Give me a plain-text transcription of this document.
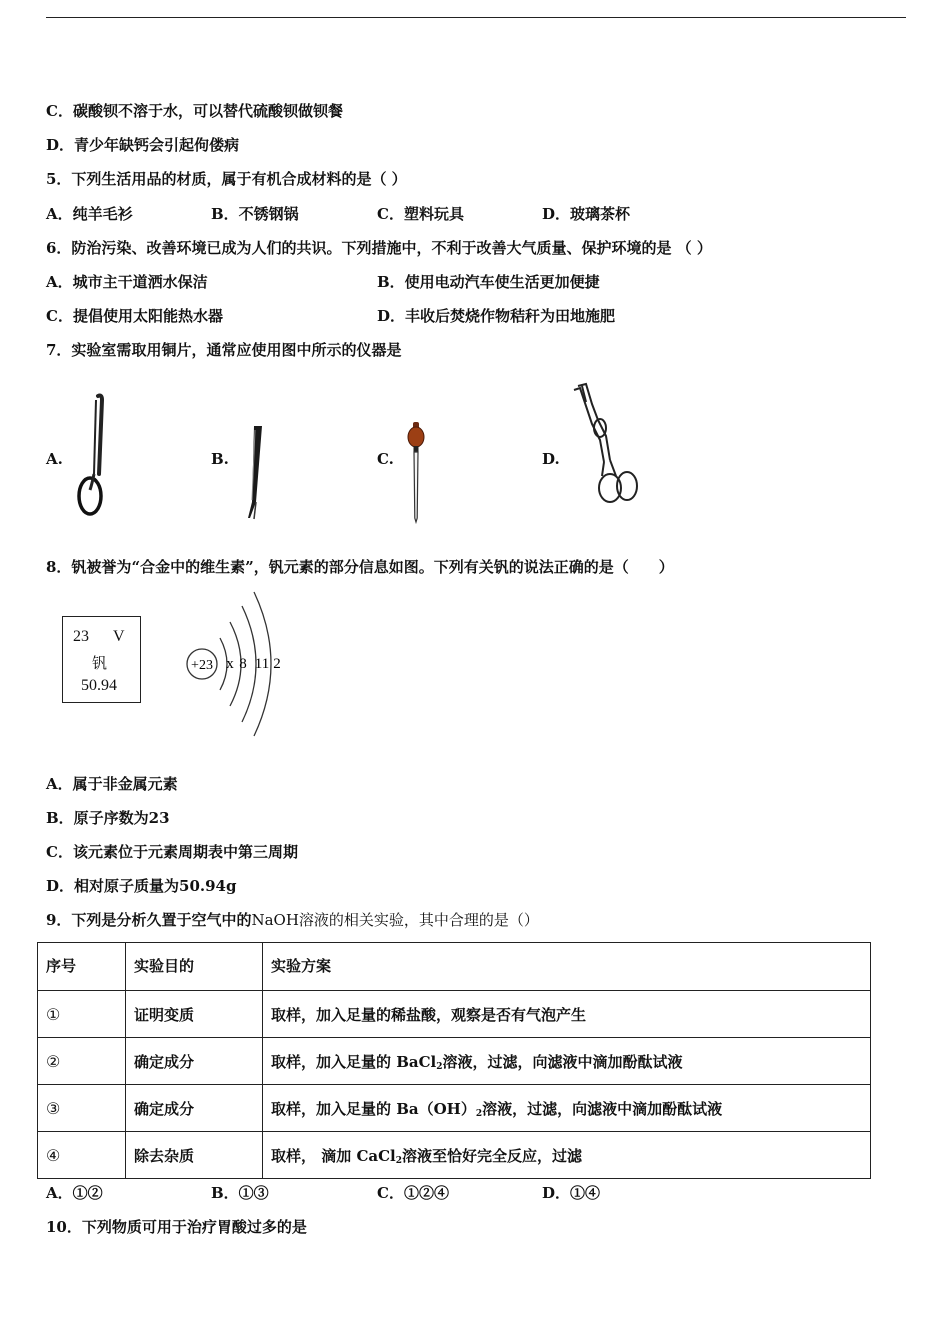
C．碳酸钡不溶于水，可以替代硫酸钡做钡餐
D．青少年缺钙会引起佝偻病
5．下列生活用品的材质，属于有机合成材料的是（ ）
A．纯羊毛衫	B．不锈钢锅	C．塑料玩具	D．玻璃茶杯
6．防治污染、改善环境已成为人们的共识。下列措施中，不利于改善大气质量、保护环境的是 （ ）
A．城市主干道洒水保洁	B．使用电动汽车使生活更加便捷
C．提倡使用太阳能热水器	D．丰收后焚烧作物秸秆为田地施肥
7．实验室需取用铜片，通常应使用图中所示的仪器是
A.	B.	C.	D.
8．钒被誉为“合金中的维生素”，钒元素的部分信息如图。下列有关钒的说法正确的是（　　）
23 V
钒
50.94
+23 x 8 11 2
A．属于非金属元素
B．原子序数为23
C．该元素位于元素周期表中第三周期
D．相对原子质量为50.94g
9．下列是分析久置于空气中的NaOH溶液的相关实验，其中合理的是（）
序号	实验目的	实验方案
①	证明变质	取样，加入足量的稀盐酸，观察是否有气泡产生
②	确定成分	取样，加入足量的 BaCl$_2$溶液，过滤，向滤液中滴加酚酞试液
③	确定成分	取样，加入足量的 $Ba(OH)_2$溶液，过滤，向滤液中滴加酚酞试液
④	除去杂质	取样， 滴加 CaCl$_2$溶液至恰好完全反应，过滤
A．①②	B．①③	C．①②④	D．①④
10．下列物质可用于治疗胃酸过多的是
